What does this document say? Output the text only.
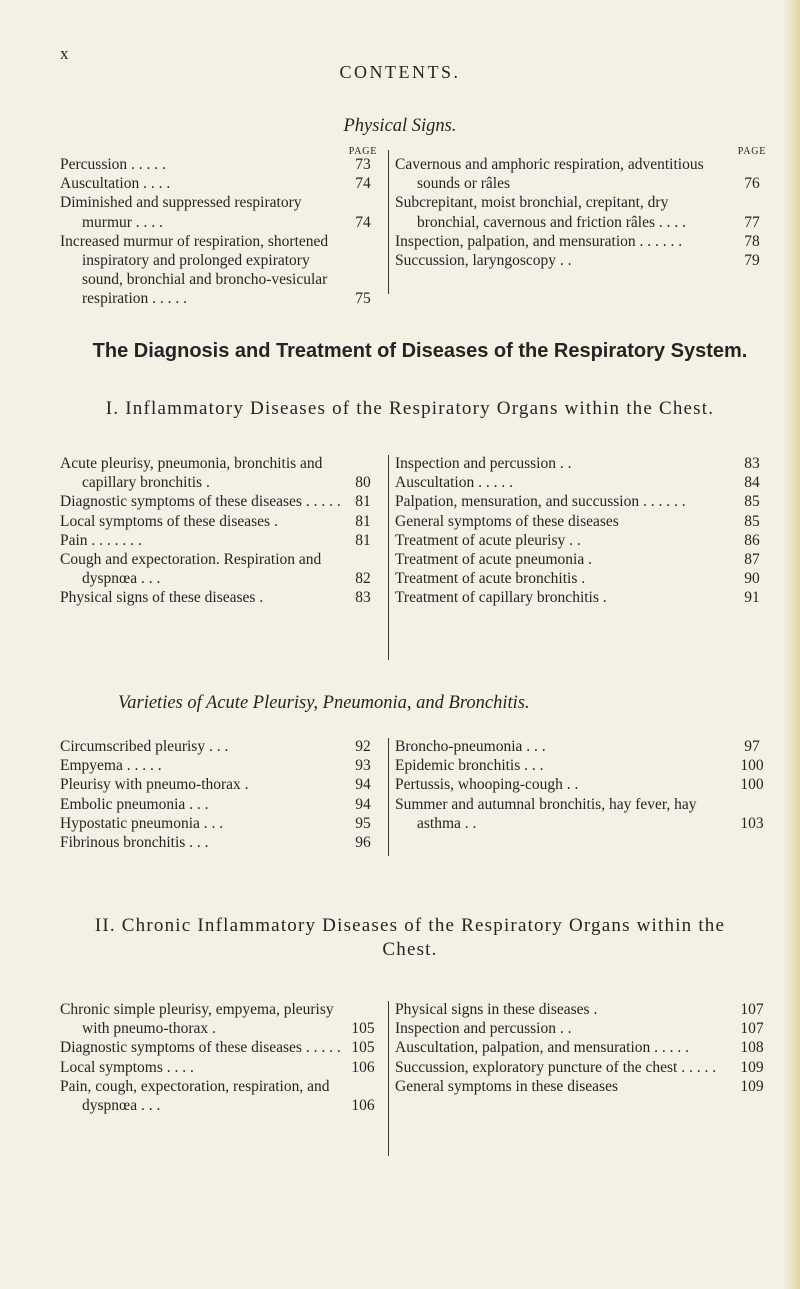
x
CONTENTS.
Physical Signs.
PAGE
Percussion . . . . .	73
Auscultation . . . .	74
Diminished and suppressed respiratory murmur . . . .	74
Increased murmur of respiration, shortened inspiratory and prolonged expiratory sound, bronchial and broncho-vesicular respiration . . . . .	75
PAGE
Cavernous and amphoric respiration, adventitious sounds or râles	76
Subcrepitant, moist bronchial, crepitant, dry bronchial, cavernous and friction râles . . . .	77
Inspection, palpation, and mensuration . . . . . .	78
Succussion, laryngoscopy . .	79
The Diagnosis and Treatment of Diseases of the Respiratory System.
I. Inflammatory Diseases of the Respiratory Organs within the Chest.
Acute pleurisy, pneumonia, bronchitis and capillary bronchitis .	80
Diagnostic symptoms of these diseases . . . . . 81
Local symptoms of these diseases .	81
Pain . . . . . . .	81
Cough and expectoration. Respiration and dyspnœa . . .	82
Physical signs of these diseases .	83
Inspection and percussion . .	83
Auscultation . . . . .	84
Palpation, mensuration, and succussion . . . . . .	85
General symptoms of these diseases	85
Treatment of acute pleurisy . .	86
Treatment of acute pneumonia .	87
Treatment of acute bronchitis .	90
Treatment of capillary bronchitis .	91
Varieties of Acute Pleurisy, Pneumonia, and Bronchitis.
Circumscribed pleurisy . . .	92
Empyema . . . . .	93
Pleurisy with pneumo-thorax .	94
Embolic pneumonia . . .	94
Hypostatic pneumonia . . .	95
Fibrinous bronchitis . . .	96
Broncho-pneumonia . . .	97
Epidemic bronchitis . . .	100
Pertussis, whooping-cough . .	100
Summer and autumnal bronchitis, hay fever, hay asthma . .	103
II. Chronic Inflammatory Diseases of the Respiratory Organs within the Chest.
Chronic simple pleurisy, empyema, pleurisy with pneumo-thorax .	105
Diagnostic symptoms of these diseases . . . . . 105
Local symptoms . . . .	106
Pain, cough, expectoration, respiration, and dyspnœa . . .	106
Physical signs in these diseases .	107
Inspection and percussion . .	107
Auscultation, palpation, and mensuration . . . . .	108
Succussion, exploratory puncture of the chest . . . . .	109
General symptoms in these diseases	109
